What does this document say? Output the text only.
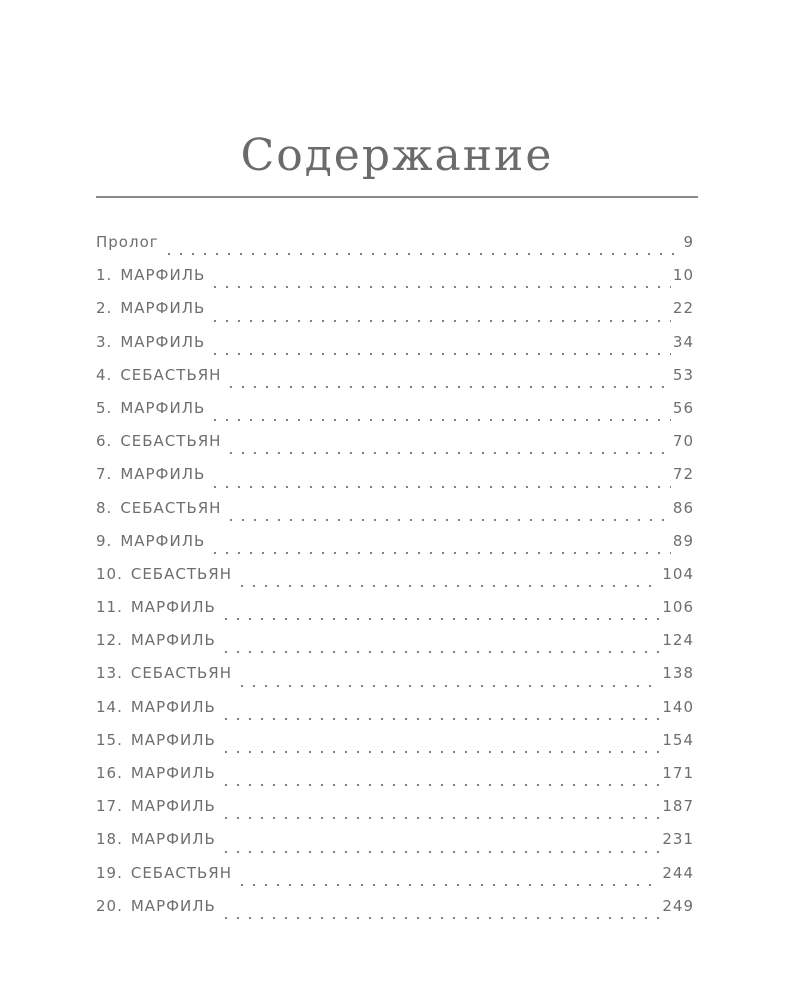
Содержание
Пролог	9
1. МАРФИЛЬ	10
2. МАРФИЛЬ	22
3. МАРФИЛЬ	34
4. СЕБАСТЬЯН	53
5. МАРФИЛЬ	56
6. СЕБАСТЬЯН	70
7. МАРФИЛЬ	72
8. СЕБАСТЬЯН	86
9. МАРФИЛЬ	89
10. СЕБАСТЬЯН	104
11. МАРФИЛЬ	106
12. МАРФИЛЬ	124
13. СЕБАСТЬЯН	138
14. МАРФИЛЬ	140
15. МАРФИЛЬ	154
16. МАРФИЛЬ	171
17. МАРФИЛЬ	187
18. МАРФИЛЬ	231
19. СЕБАСТЬЯН	244
20. МАРФИЛЬ	249
